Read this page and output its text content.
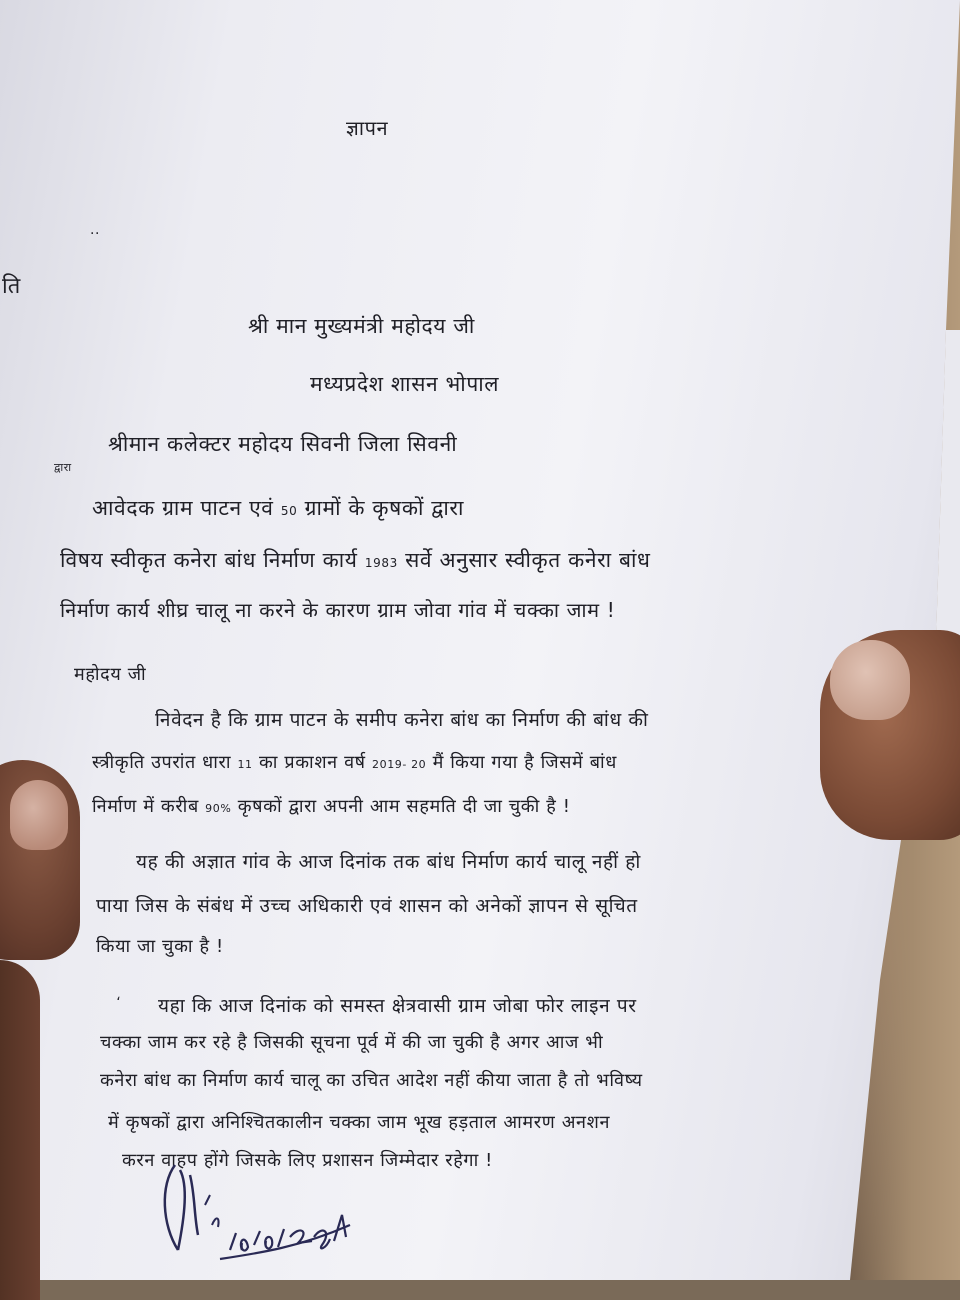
ज्ञापन
..
ति
श्री मान मुख्यमंत्री महोदय जी
मध्यप्रदेश शासन भोपाल
द्वारा
श्रीमान कलेक्टर महोदय सिवनी जिला सिवनी
आवेदक ग्राम पाटन एवं 50 ग्रामों के कृषकों द्वारा
विषय स्वीकृत कनेरा बांध निर्माण कार्य 1983 सर्वे अनुसार स्वीकृत कनेरा बांध
निर्माण कार्य शीघ्र चालू ना करने के कारण ग्राम जोवा गांव में चक्का जाम !
महोदय जी
निवेदन है कि ग्राम पाटन के समीप कनेरा बांध का निर्माण की बांध की
स्त्रीकृति उपरांत धारा 11 का प्रकाशन वर्ष 2019- 20 मैं किया गया है जिसमें बांध
निर्माण में करीब 90% कृषकों द्वारा अपनी आम सहमति दी जा चुकी है !
यह की अज्ञात गांव के आज दिनांक तक बांध निर्माण कार्य चालू नहीं हो
पाया जिस के संबंध में उच्च अधिकारी एवं शासन को अनेकों ज्ञापन से सूचित
किया जा चुका है !
، यहा कि आज दिनांक को समस्त क्षेत्रवासी ग्राम जोबा फोर लाइन पर
चक्का जाम कर रहे है जिसकी सूचना पूर्व में की जा चुकी है अगर आज भी
कनेरा बांध का निर्माण कार्य चालू का उचित आदेश नहीं कीया जाता है तो भविष्य
में कृषकों द्वारा अनिश्चितकालीन चक्का जाम भूख हड़ताल आमरण अनशन
करन वाहप होंगे जिसके लिए प्रशासन जिम्मेदार रहेगा !
